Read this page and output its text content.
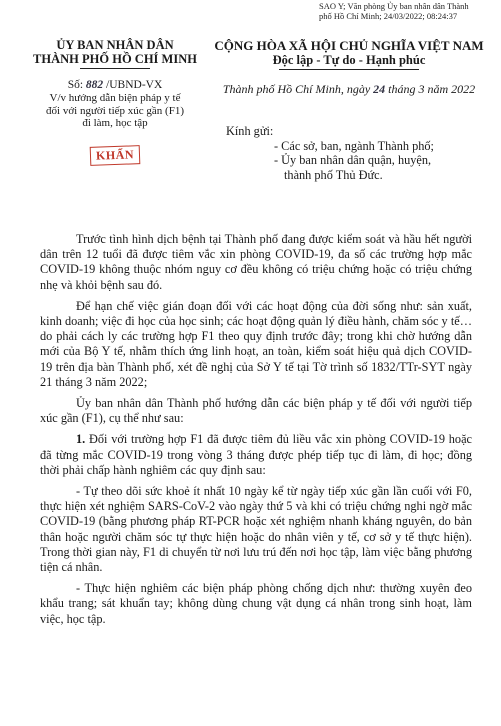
SAO Y; Văn phòng Ủy ban nhân dân Thành
phố Hồ Chí Minh; 24/03/2022; 08:24:37
ỦY BAN NHÂN DÂN
THÀNH PHỐ HỒ CHÍ MINH
Số: 882 /UBND-VX
V/v hướng dẫn biện pháp y tế
đối với người tiếp xúc gần (F1)
đi làm, học tập
KHẨN
CỘNG HÒA XÃ HỘI CHỦ NGHĨA VIỆT NAM
Độc lập - Tự do - Hạnh phúc
Thành phố Hồ Chí Minh, ngày 24 tháng 3 năm 2022
Kính gửi:
- Các sở, ban, ngành Thành phố;
- Ủy ban nhân dân quận, huyện,
thành phố Thủ Đức.

Trước tình hình dịch bệnh tại Thành phố đang được kiểm soát và hầu hết người dân trên 12 tuổi đã được tiêm vắc xin phòng COVID-19, đa số các trường hợp mắc COVID-19 không thuộc nhóm nguy cơ đều không có triệu chứng hoặc có triệu chứng nhẹ và khỏi bệnh sau đó.

Để hạn chế việc gián đoạn đối với các hoạt động của đời sống như: sản xuất, kinh doanh; việc đi học của học sinh; các hoạt động quản lý điều hành, chăm sóc y tế… do phải cách ly các trường hợp F1 theo quy định trước đây; trong khi chờ hướng dẫn mới của Bộ Y tế, nhằm thích ứng linh hoạt, an toàn, kiểm soát hiệu quả dịch COVID-19 trên địa bàn Thành phố, xét đề nghị của Sở Y tế tại Tờ trình số 1832/TTr-SYT ngày 21 tháng 3 năm 2022;

Ủy ban nhân dân Thành phố hướng dẫn các biện pháp y tế đối với người tiếp xúc gần (F1), cụ thể như sau:

1. Đối với trường hợp F1 đã được tiêm đủ liều vắc xin phòng COVID-19 hoặc đã từng mắc COVID-19 trong vòng 3 tháng được phép tiếp tục đi làm, đi học; đồng thời phải chấp hành nghiêm các quy định sau:

- Tự theo dõi sức khoẻ ít nhất 10 ngày kể từ ngày tiếp xúc gần lần cuối với F0, thực hiện xét nghiệm SARS-CoV-2 vào ngày thứ 5 và khi có triệu chứng nghi ngờ mắc COVID-19 (bằng phương pháp RT-PCR hoặc xét nghiệm nhanh kháng nguyên, do bản thân hoặc người chăm sóc tự thực hiện hoặc do nhân viên y tế, cơ sở y tế thực hiện). Trong thời gian này, F1 di chuyển từ nơi lưu trú đến nơi học tập, làm việc bằng phương tiện cá nhân.

- Thực hiện nghiêm các biện pháp phòng chống dịch như: thường xuyên đeo khẩu trang; sát khuẩn tay; không dùng chung vật dụng cá nhân trong sinh hoạt, làm việc, học tập.
